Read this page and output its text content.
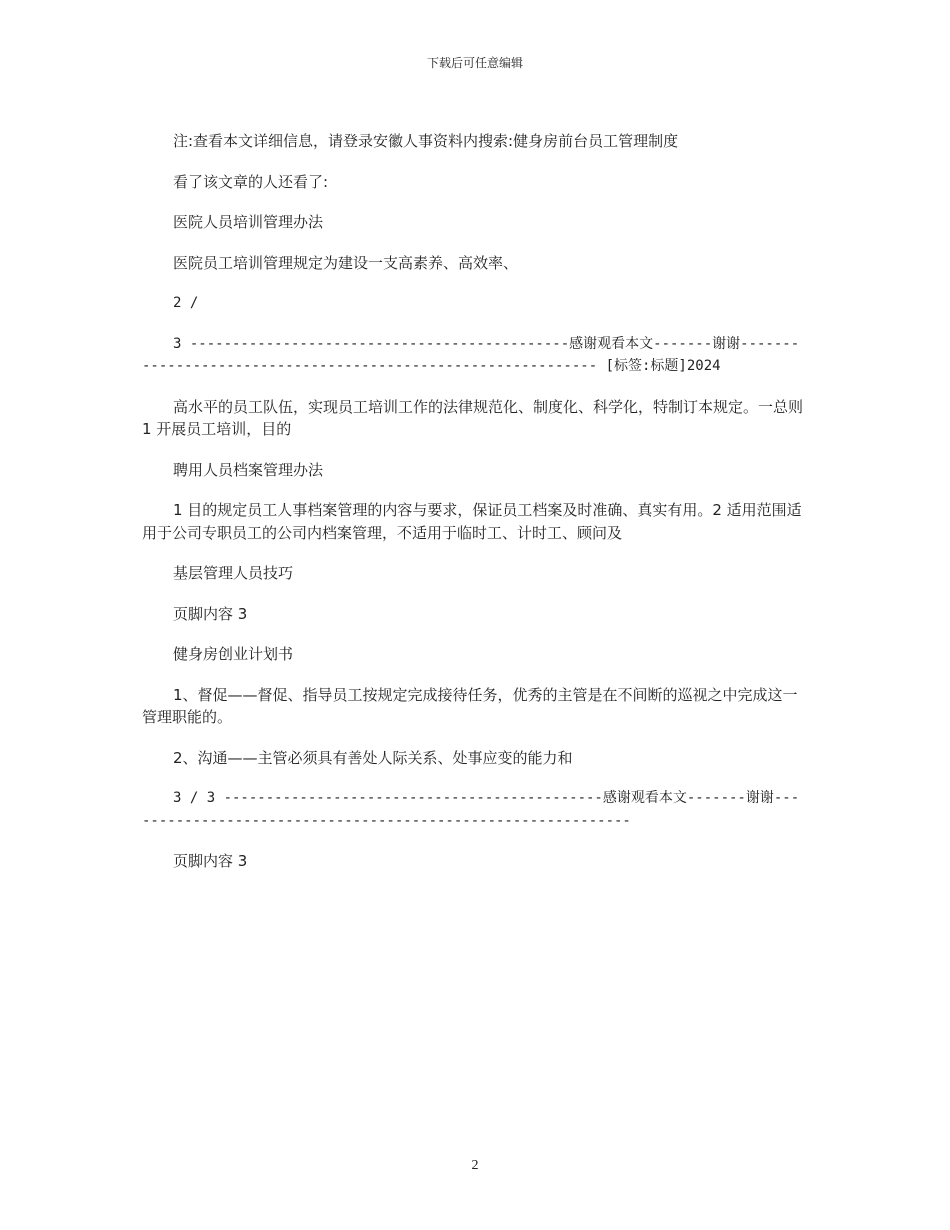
下载后可任意编辑

注:查看本文详细信息，请登录安徽人事资料内搜索:健身房前台员工管理制度

看了该文章的人还看了:

医院人员培训管理办法

医院员工培训管理规定为建设一支高素养、高效率、

2 /

3 ---------------------------------------------感谢观看本文-------谢谢------------------------------------------------------------- [标签:标题]2024

高水平的员工队伍，实现员工培训工作的法律规范化、制度化、科学化，特制订本规定。一总则 1 开展员工培训，目的

聘用人员档案管理办法

1 目的规定员工人事档案管理的内容与要求，保证员工档案及时准确、真实有用。2 适用范围适用于公司专职员工的公司内档案管理，不适用于临时工、计时工、顾问及

基层管理人员技巧

页脚内容 3

健身房创业计划书

1、督促——督促、指导员工按规定完成接待任务，优秀的主管是在不间断的巡视之中完成这一管理职能的。

2、沟通——主管必须具有善处人际关系、处事应变的能力和

3 / 3 ---------------------------------------------感谢观看本文-------谢谢-------------------------------------------------------------

页脚内容 3

2
